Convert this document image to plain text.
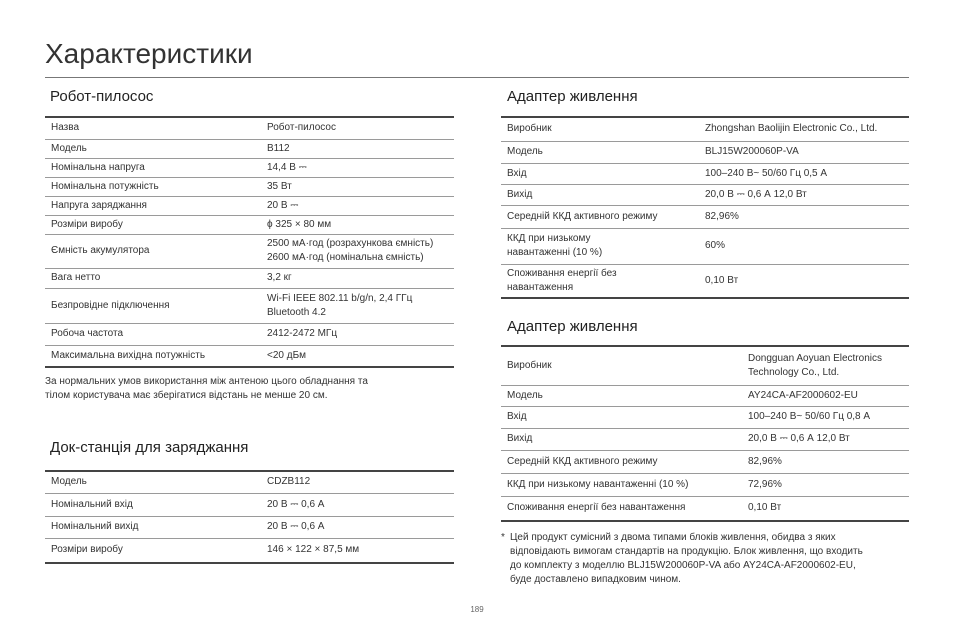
Характеристики
Робот-пилосос
Назва	Робот-пилосос
Модель	B112
Номінальна напруга	14,4 В ⎓
Номінальна потужність	35 Вт
Напруга заряджання	20 В ⎓
Розміри виробу	ϕ 325 × 80 мм
Ємність акумулятора	2500 мА·год (розрахункова ємність)
2600 мА·год (номінальна ємність)

Вага нетто	3,2 кг
Безпровідне підключення	Wi-Fi IEEE 802.11 b/g/n, 2,4 ГГц
Bluetooth 4.2

Робоча частота	2412-2472 МГц
Максимальна вихідна потужність	<20 дБм
За нормальних умов використання між антеною цього обладнання та
тілом користувача має зберігатися відстань не менше 20 см.
Док-станція для заряджання
Модель	CDZB112
Номінальний вхід	20 В ⎓ 0,6 А
Номінальний вихід	20 В ⎓ 0,6 А
Розміри виробу	146 × 122 × 87,5 мм
Адаптер живлення
Виробник	Zhongshan Baolijin Electronic Co., Ltd.
Модель	BLJ15W200060P-VA
Вхід	100–240 В~ 50/60 Гц 0,5 А
Вихід	20,0 В ⎓ 0,6 А 12,0 Вт
Середній ККД активного режиму	82,96%

ККД при низькому
навантаженні (10 %)	60%

Споживання енергії без
навантаження	0,10 Вт
Адаптер живлення
Виробник	Dongguan Aoyuan Electronics
Technology Co., Ltd.

Модель	AY24CA-AF2000602-EU
Вхід	100–240 В~ 50/60 Гц 0,8 А
Вихід	20,0 В ⎓ 0,6 А 12,0 Вт
Середній ККД активного режиму	82,96%
ККД при низькому навантаженні (10 %)	72,96%
Споживання енергії без навантаження	0,10 Вт
* Цей продукт сумісний з двома типами блоків живлення, обидва з яких
відповідають вимогам стандартів на продукцію. Блок живлення, що входить
до комплекту з моделлю BLJ15W200060P-VA або AY24CA-AF2000602-EU,
буде доставлено випадковим чином.
189
